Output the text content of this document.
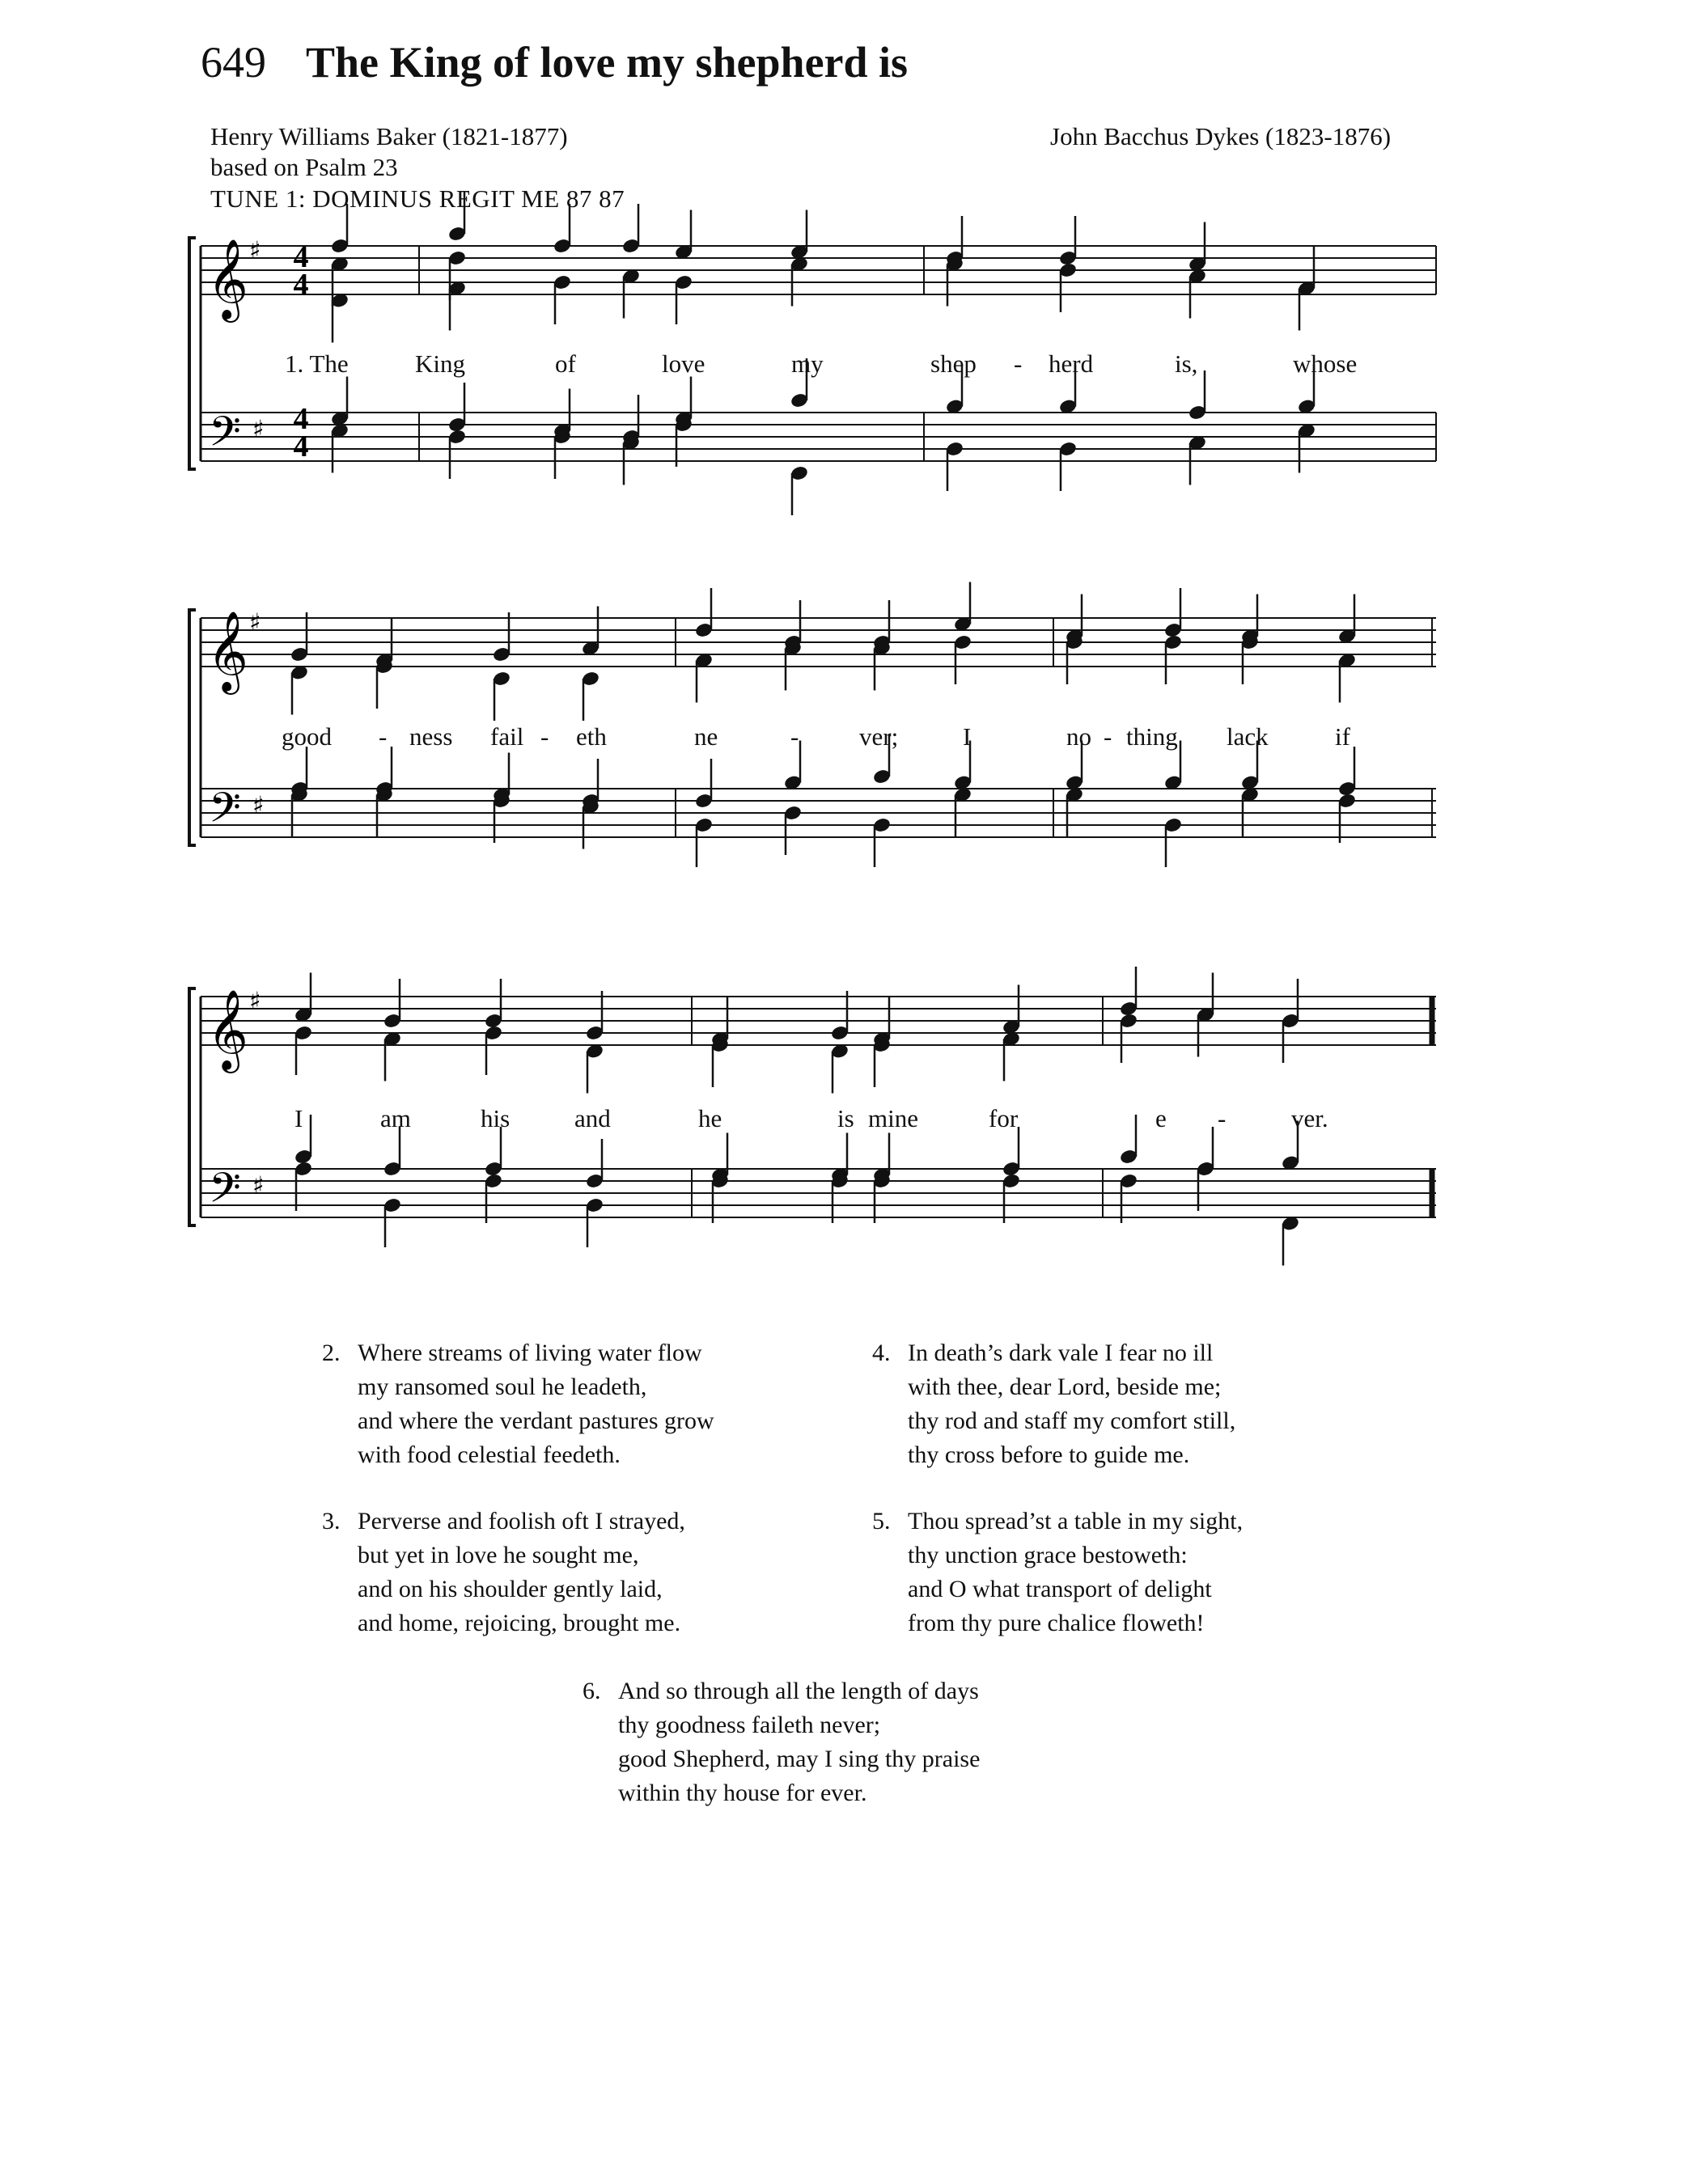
649 The King of love my shepherd is
Henry Williams Baker (1821-1877)
based on Psalm 23
John Bacchus Dykes (1823-1876)
TUNE 1: DOMINUS REGIT ME 87 87
𝄞
𝄢
♯
♯
𝄞
𝄢
♯
♯
𝄞
𝄢
♯
♯
4
4
4
4
1. The	King	of	love	my	shep - herd	is,	whose
good - ness fail - eth	ne	- ver;	I	no - thing lack	if
I	am	his	and	he	is mine	for	e -	ver.
2. Where streams of living water flow
my ransomed soul he leadeth,
and where the verdant pastures grow
with food celestial feedeth.
3. Perverse and foolish oft I strayed,
but yet in love he sought me,
and on his shoulder gently laid,
and home, rejoicing, brought me.
4. In death’s dark vale I fear no ill
with thee, dear Lord, beside me;
thy rod and staff my comfort still,
thy cross before to guide me.
5. Thou spread’st a table in my sight,
thy unction grace bestoweth:
and O what transport of delight
from thy pure chalice floweth!
6. And so through all the length of days
thy goodness faileth never;
good Shepherd, may I sing thy praise
within thy house for ever.
